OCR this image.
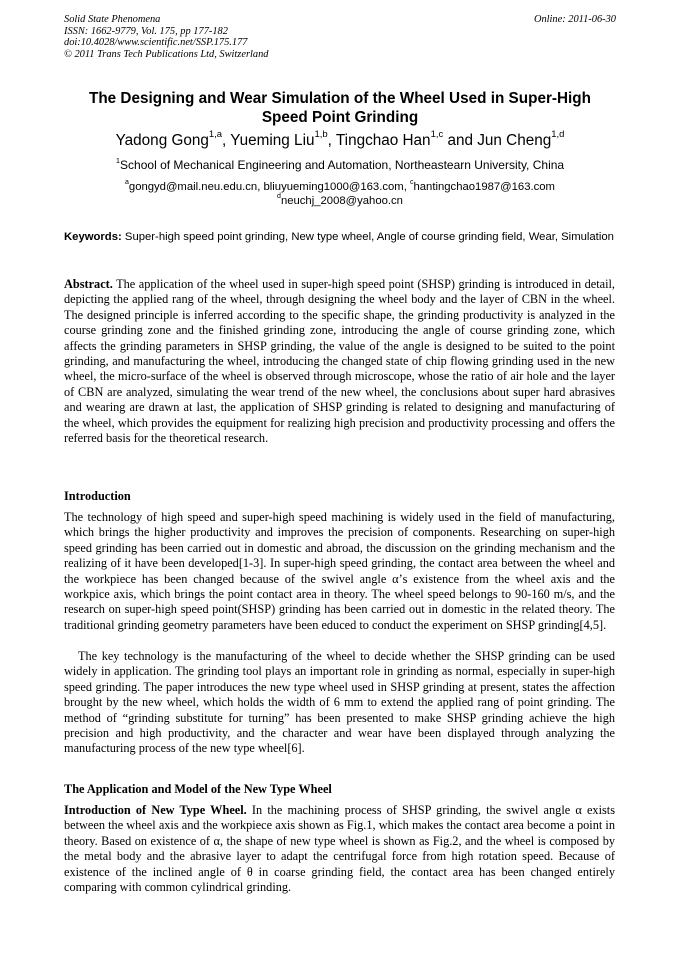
Solid State Phenomena
ISSN: 1662-9779, Vol. 175, pp 177-182
doi:10.4028/www.scientific.net/SSP.175.177
© 2011 Trans Tech Publications Ltd, Switzerland
Online: 2011-06-30
The Designing and Wear Simulation of the Wheel Used in Super-High Speed Point Grinding
Yadong Gong$^{1,a}$, Yueming Liu$^{1,b}$, Tingchao Han$^{1,c}$ and Jun Cheng$^{1,d}$
$^1$School of Mechanical Engineering and Automation, Northeastearn University, China
$^a$gongyd@mail.neu.edu.cn, bliuyueming1000@163.com, $^c$hantingchao1987@163.com
$^d$neuchj_2008@yahoo.cn
Keywords: Super-high speed point grinding, New type wheel, Angle of course grinding field, Wear, Simulation
Abstract. The application of the wheel used in super-high speed point (SHSP) grinding is introduced in detail, depicting the applied rang of the wheel, through designing the wheel body and the layer of CBN in the wheel. The designed principle is inferred according to the specific shape, the grinding productivity is analyzed in the course grinding zone and the finished grinding zone, introducing the angle of course grinding zone, which affects the grinding parameters in SHSP grinding, the value of the angle is designed to be suited to the point grinding, and manufacturing the wheel, introducing the changed state of chip flowing grinding used in the new wheel, the micro-surface of the wheel is observed through microscope, whose the ratio of air hole and the layer of CBN are analyzed, simulating the wear trend of the new wheel, the conclusions about super hard abrasives and wearing are drawn at last, the application of SHSP grinding is related to designing and manufacturing of the wheel, which provides the equipment for realizing high precision and productivity processing and offers the referred basis for the theoretical research.
Introduction
The technology of high speed and super-high speed machining is widely used in the field of manufacturing, which brings the higher productivity and improves the precision of components. Researching on super-high speed grinding has been carried out in domestic and abroad, the discussion on the grinding mechanism and the realizing of it have been developed[1-3]. In super-high speed grinding, the contact area between the wheel and the workpiece has been changed because of the swivel angle α’s existence from the wheel axis and the workpice axis, which brings the point contact area in theory. The wheel speed belongs to 90-160 m/s, and the research on super-high speed point(SHSP) grinding has been carried out in domestic in the related theory. The traditional grinding geometry parameters have been educed to conduct the experiment on SHSP grinding[4,5].
The key technology is the manufacturing of the wheel to decide whether the SHSP grinding can be used widely in application. The grinding tool plays an important role in grinding as normal, especially in super-high speed grinding. The paper introduces the new type wheel used in SHSP grinding at present, states the affection brought by the new wheel, which holds the width of 6 mm to extend the applied rang of point grinding. The method of “grinding substitute for turning” has been presented to make SHSP grinding achieve the high precision and high productivity, and the character and wear have been displayed through analyzing the manufacturing process of the new type wheel[6].
The Application and Model of the New Type Wheel
Introduction of New Type Wheel. In the machining process of SHSP grinding, the swivel angle α exists between the wheel axis and the workpiece axis shown as Fig.1, which makes the contact area become a point in theory. Based on existence of α, the shape of new type wheel is shown as Fig.2, and the wheel is composed by the metal body and the abrasive layer to adapt the centrifugal force from high rotation speed. Because of existence of the inclined angle of θ in coarse grinding field, the contact area has been changed entirely comparing with common cylindrical grinding.
